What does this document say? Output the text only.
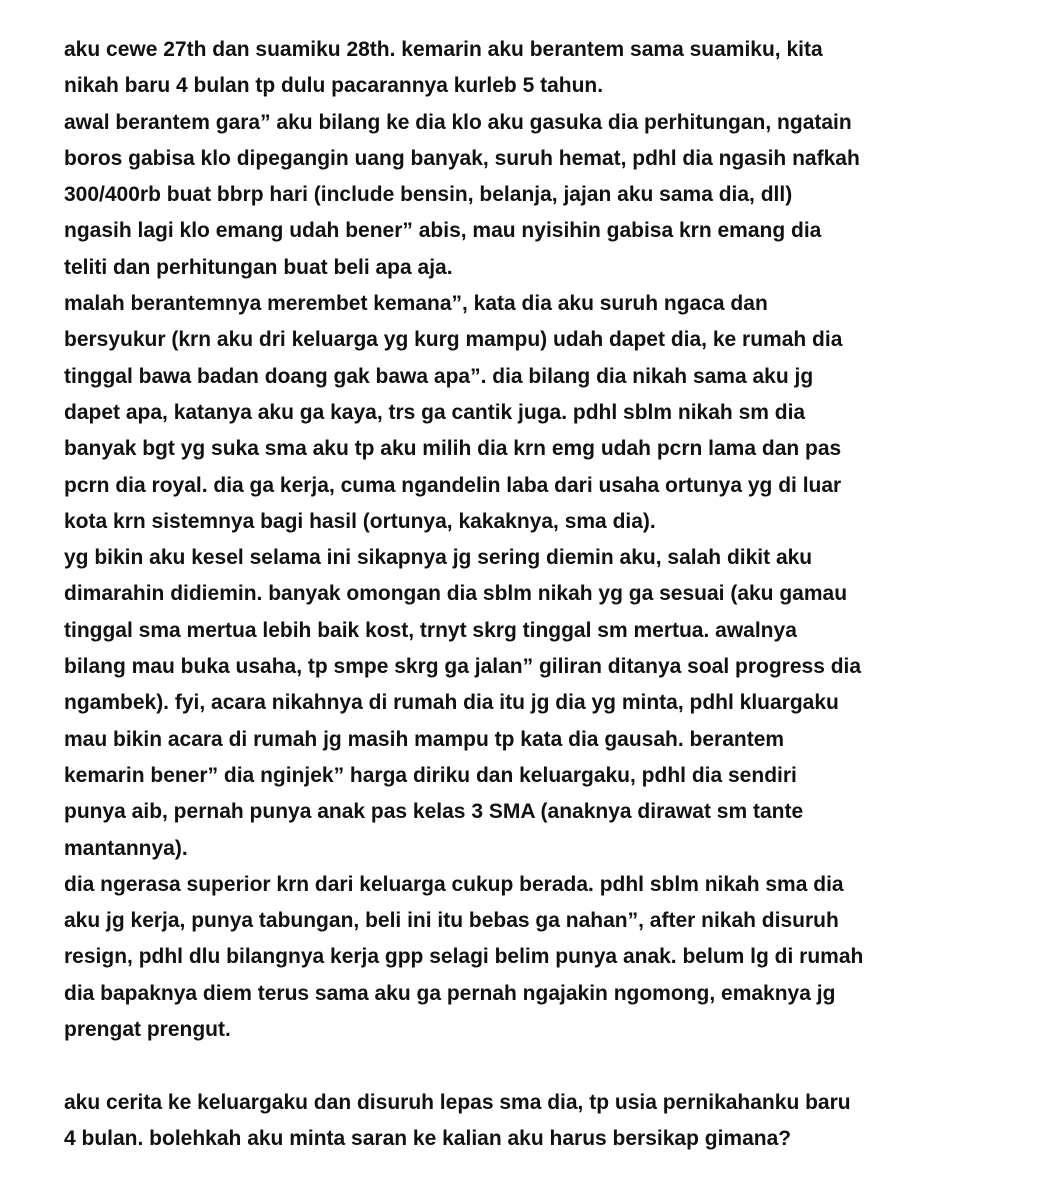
aku cewe 27th dan suamiku 28th. kemarin aku berantem sama suamiku, kita
nikah baru 4 bulan tp dulu pacarannya kurleb 5 tahun.
awal berantem gara” aku bilang ke dia klo aku gasuka dia perhitungan, ngatain
boros gabisa klo dipegangin uang banyak, suruh hemat, pdhl dia ngasih nafkah
300/400rb buat bbrp hari (include bensin, belanja, jajan aku sama dia, dll)
ngasih lagi klo emang udah bener” abis, mau nyisihin gabisa krn emang dia
teliti dan perhitungan buat beli apa aja.
malah berantemnya merembet kemana”, kata dia aku suruh ngaca dan
bersyukur (krn aku dri keluarga yg kurg mampu) udah dapet dia, ke rumah dia
tinggal bawa badan doang gak bawa apa”. dia bilang dia nikah sama aku jg
dapet apa, katanya aku ga kaya, trs ga cantik juga. pdhl sblm nikah sm dia
banyak bgt yg suka sma aku tp aku milih dia krn emg udah pcrn lama dan pas
pcrn dia royal. dia ga kerja, cuma ngandelin laba dari usaha ortunya yg di luar
kota krn sistemnya bagi hasil (ortunya, kakaknya, sma dia).
yg bikin aku kesel selama ini sikapnya jg sering diemin aku, salah dikit aku
dimarahin didiemin. banyak omongan dia sblm nikah yg ga sesuai (aku gamau
tinggal sma mertua lebih baik kost, trnyt skrg tinggal sm mertua. awalnya
bilang mau buka usaha, tp smpe skrg ga jalan” giliran ditanya soal progress dia
ngambek). fyi, acara nikahnya di rumah dia itu jg dia yg minta, pdhl kluargaku
mau bikin acara di rumah jg masih mampu tp kata dia gausah. berantem
kemarin bener” dia nginjek” harga diriku dan keluargaku, pdhl dia sendiri
punya aib, pernah punya anak pas kelas 3 SMA (anaknya dirawat sm tante
mantannya).
dia ngerasa superior krn dari keluarga cukup berada. pdhl sblm nikah sma dia
aku jg kerja, punya tabungan, beli ini itu bebas ga nahan”, after nikah disuruh
resign, pdhl dlu bilangnya kerja gpp selagi belim punya anak. belum lg di rumah
dia bapaknya diem terus sama aku ga pernah ngajakin ngomong, emaknya jg
prengat prengut.
aku cerita ke keluargaku dan disuruh lepas sma dia, tp usia pernikahanku baru
4 bulan. bolehkah aku minta saran ke kalian aku harus bersikap gimana?
